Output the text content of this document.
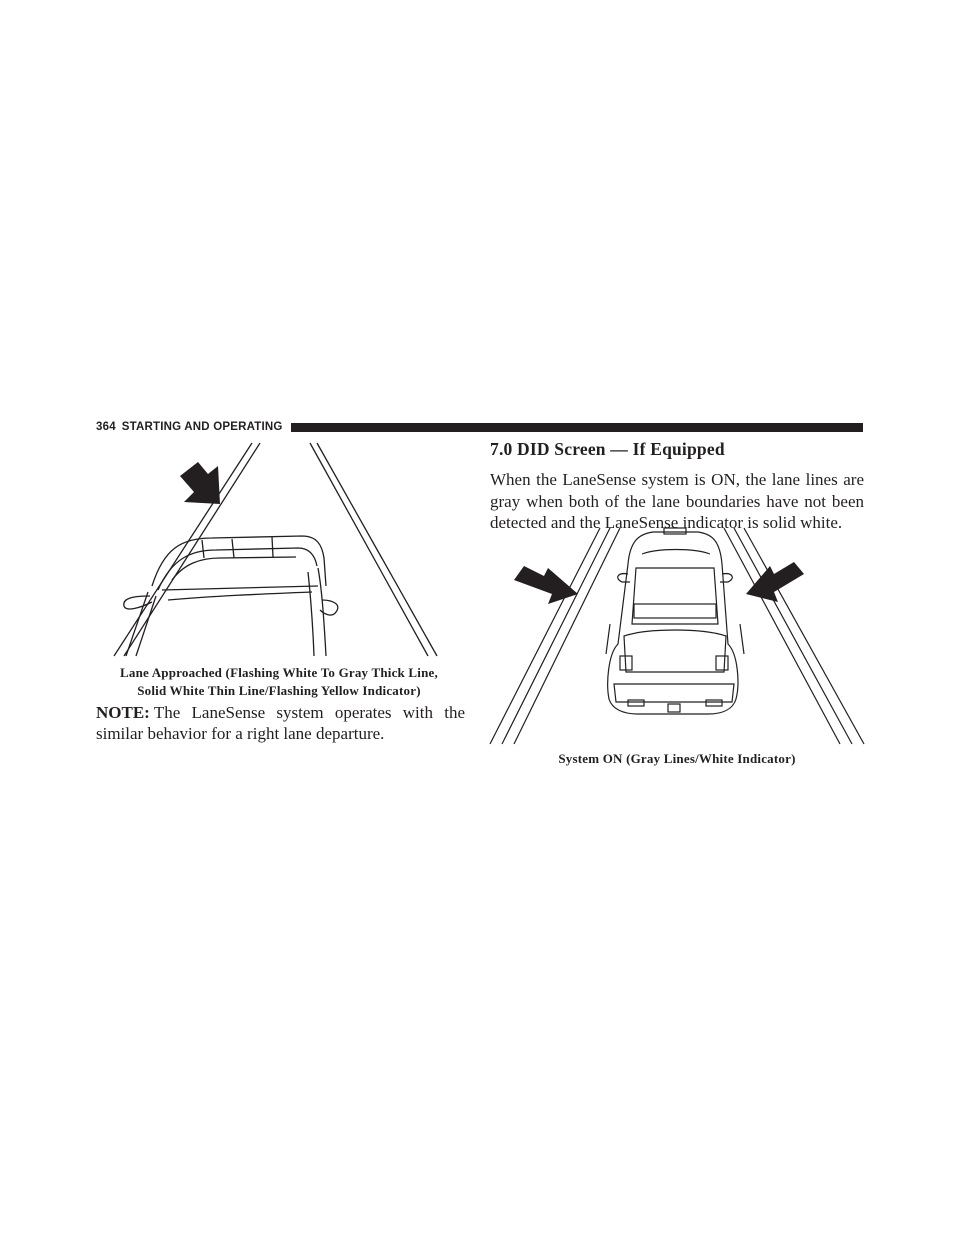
364 STARTING AND OPERATING
Lane Approached (Flashing White To Gray Thick Line,
Solid White Thin Line/Flashing Yellow Indicator)
NOTE: The LaneSense system operates with the similar behavior for a right lane departure.
7.0 DID Screen — If Equipped
When the LaneSense system is ON, the lane lines are gray when both of the lane boundaries have not been detected and the LaneSense indicator is solid white.
System ON (Gray Lines/White Indicator)
